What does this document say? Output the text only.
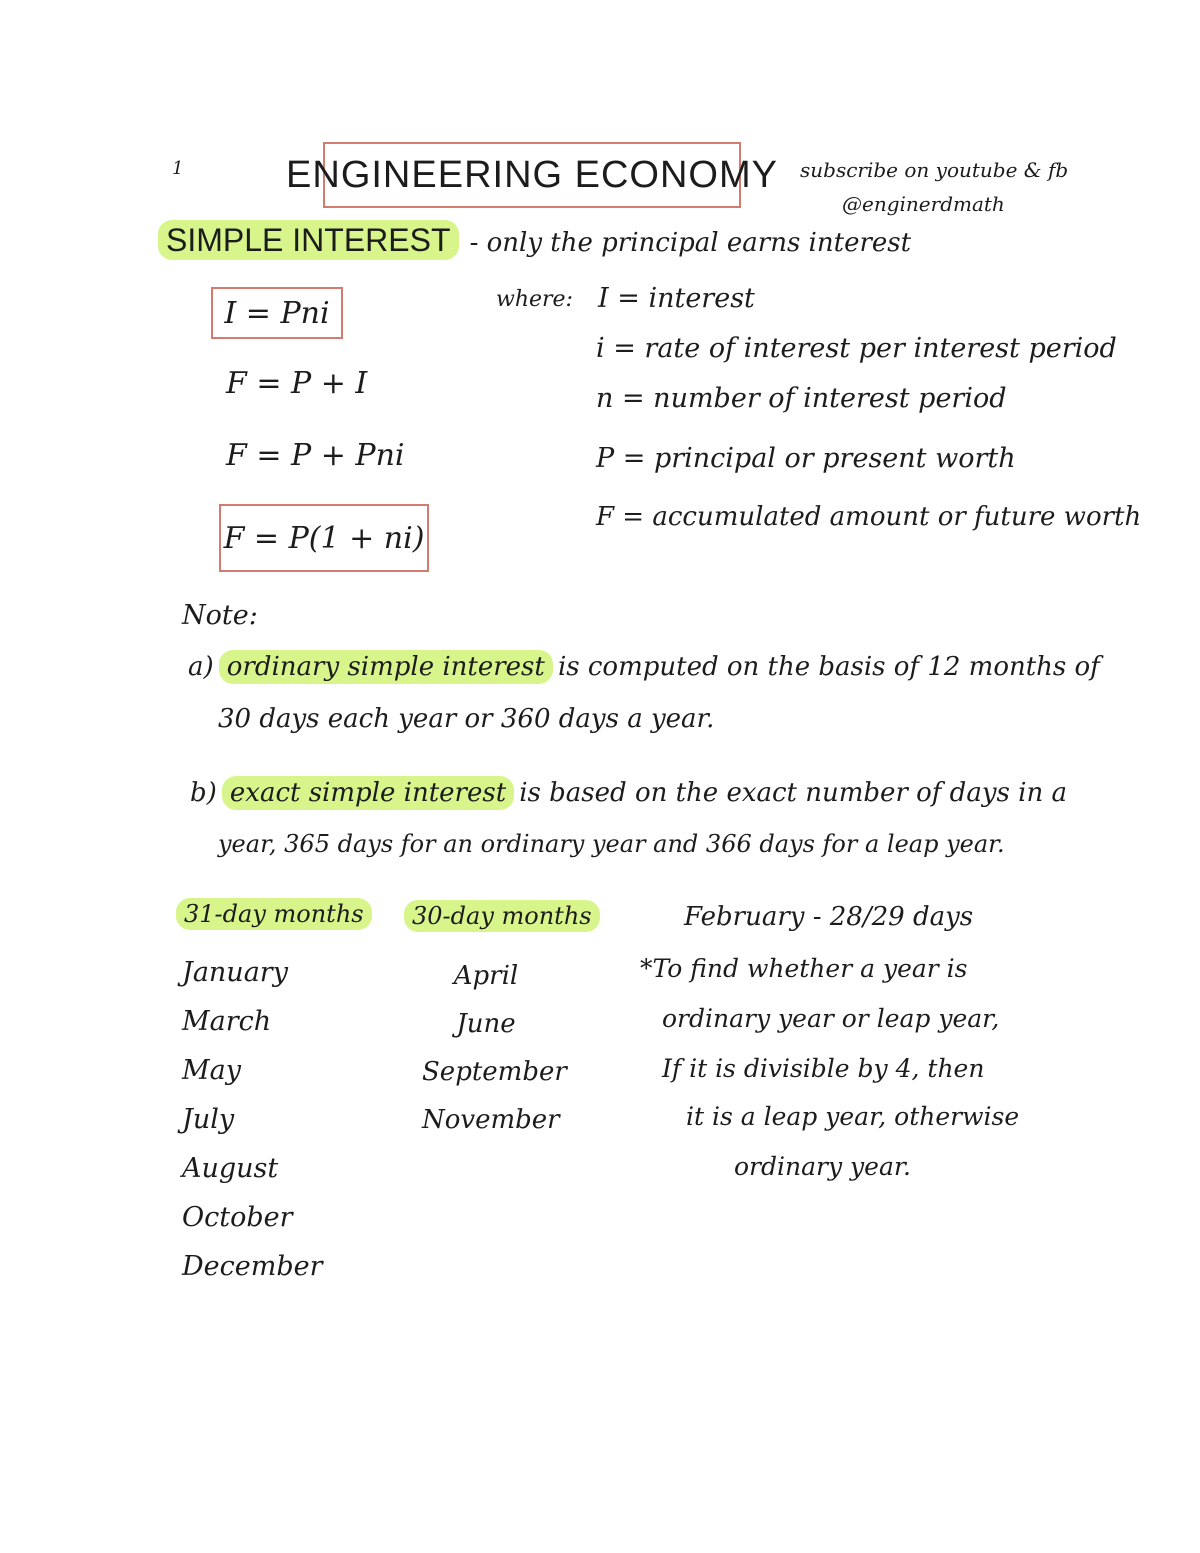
1	ENGINEERING ECONOMY subscribe on youtube & fb
@enginerdmath
SIMPLE INTEREST - only the principal earns interest
I = Pni
F = P + I
F = P + Pni
F = P(1 + ni)
where: I = interest
i = rate of interest per interest period
n = number of interest period
P = principal or present worth
F = accumulated amount or future worth
Note:
a) ordinary simple interest is computed on the basis of 12 months of
30 days each year or 360 days a year.
b) exact simple interest is based on the exact number of days in a
year, 365 days for an ordinary year and 366 days for a leap year.
31-day months
January
March
May
July
August
October
December
30-day months
April
June
September
November
February - 28/29 days
*To find whether a year is
ordinary year or leap year,
If it is divisible by 4, then
it is a leap year, otherwise
ordinary year.
